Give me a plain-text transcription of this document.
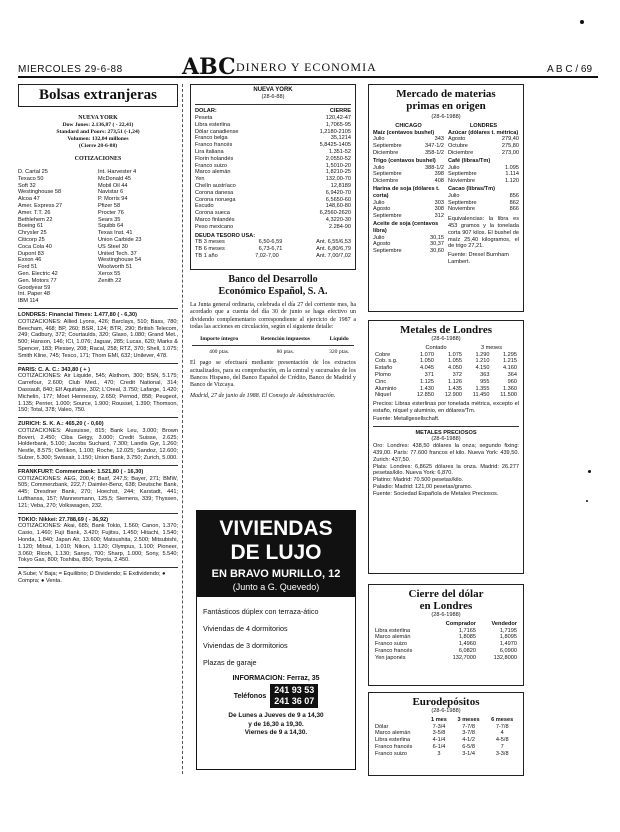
MIERCOLES 29-6-88	ABC DINERO Y ECONOMIA	A B C / 69
Bolsas extranjeras
NUEVA YORK
Dow Jones: 2.136,87 ( - 22,41)
Standard and Poors: 273,51 (-1,24)
Volumen: 132,04 millones
(Cierre 28-6-88)
COTIZACIONES
D. Cartal 25
Texaco 50
Soft 32
Westinghouse 58
Alcoa 47
Amer. Express 27
Amer. T.T. 26
Bethlehem 22
Boeing 61
Chrysler 25
Citicorp 25
Coca Cola 40
Dupont 83
Exxon 46
Ford 51
Gen. Electric 42
Gen. Motors 77
Goodyear 59
Int. Paper 48
IBM 114
Int. Harvester 4
McDonald 45
Mobil Oil 44
Navistar 6
P. Morris 94
Pfizer 58
Procter 76
Sears 35
Squibb 64
Texas Inst. 41
Union Carbide 23
US Steel 30
United Tech. 37
Westinghouse 54
Woolworth 51
Xerox 55
Zenith 22
LONDRES: Financial Times: 1.477,80 ( - 6,30)
COTIZACIONES: Allied Lyons, 426; Barclays, 510; Bass, 780; Beecham, 468; BP, 260; BSR, 124; BTR, 290; British Telecom, 249; Cadbury, 372; Courtaulds, 320; Glaxo, 1.080; Grand Met., 500; Hanson, 146; ICI, 1.076; Jaguar, 285; Lucas, 620; Marks & Spencer, 183; Plessey, 208; Racal, 258; RTZ, 370; Shell, 1.075; Smith Kline, 745; Tesco, 171; Thorn EMI, 632; Unilever, 478.
PARIS: C. A. C.: 343,80 ( + )
COTIZACIONES: Air Liquide, 545; Alsthom, 300; BSN, 5.175; Carrefour, 2.600; Club Med., 470; Credit National, 314; Dassault, 840; Elf Aquitaine, 302; L'Oreal, 3.750; Lafarge, 1.420; Michelin, 177; Moet Hennessy, 2.650; Pernod, 858; Peugeot, 1.135; Perrier, 1.000; Source, 1.900; Roussel, 1.390; Thomson, 150; Total, 378; Valeo, 750.
ZURICH: S. K. A.: 465,20 ( - 0,60)
COTIZACIONES: Alusuisse, 815; Bank Leu, 3.000; Brown Boveri, 2.450; Ciba Geigy, 3.000; Credit Suisse, 2.625; Holderbank, 5.100; Jacobs Suchard, 7.300; Landis Gyr, 1.260; Nestle, 8.575; Oerlikon, 1.100; Roche, 12.025; Sandoz, 12.600; Sulzer, 5.300; Swissair, 1.150; Union Bank, 3.750; Zurich, 5.000.
FRANKFURT: Commerzbank: 1.521,80 ( - 16,30)
COTIZACIONES: AEG, 200,4; Basf, 247,5; Bayer, 271; BMW, 505; Commerzbank, 222,7; Daimler-Benz, 638; Deutsche Bank, 445; Dresdner Bank, 270; Hoechst, 244; Karstadt, 441; Lufthansa, 157; Mannesmann, 125,5; Siemens, 339; Thyssen, 121; Veba, 270; Volkswagen, 232.
TOKIO: Nikkei: 27.788,69 ( - 36,92)
COTIZACIONES: Akai, 685; Bank Tokio, 1.560; Canon, 1.370; Casio, 1.460; Fuji Bank, 3.420; Fujitsu, 1.450; Hitachi, 1.540; Honda, 1.840; Japan Air, 13.600; Matsushita, 2.500; Mitsubishi, 1.120; Mitsui, 1.010; Nikon, 1.120; Olympus, 1.100; Pioneer, 3.060; Ricoh, 1.130; Sanyo, 700; Sharp, 1.000; Sony, 5.540; Tokyo Gas, 800; Toshiba, 850; Toyota, 2.450.
A Sube; V Baja; = Equilibrio; D Dividendo; E Exdividendo; ● Compra; ● Venta.
NUEVA YORK
(28-6-88)
DOLAR:	CIERRE
Peseta	120,42-47
Libra esterlina	1,7065-95
Dólar canadiense	1,2180-2105
Franco belga	35,1214
Franco francés	5,8425-1405
Lira italiana	1.351-52
Florin holandés	2,0550-52
Franco suizo	1,5010-20
Marco alemán	1,8210-25
Yen	132,00-70
Chelín austríaco	12,8189
Corona danesa	6,9420-70
Corona noruega	6,5650-60
Escudo	148,60-80
Corona sueca	6,2560-2620
Marco finlandés	4,3220-30
Peso mexicano	2.284-90
DEUDA TESORO USA:
TB 3 meses	6,50-6,59	Ant. 6,55/6,53
TB 6 meses	6,73-6,71	Ant. 6,80/6,79
TB 1 año	7,02-7,00	Ant. 7,00/7,02
Banco del Desarrollo
Económico Español, S. A.
La Junta general ordinaria, celebrada el día 27 del corriente mes, ha acordado que a cuenta del día 30 de junio se haga efectivo un dividendo complementario correspondiente al ejercicio de 1987 a todas las acciones en circulación, según el siguiente detalle:
Importe íntegro	Retención impuestos	Líquido

400 ptas.	80 ptas.	320 ptas.
El pago se efectuará mediante presentación de los extractos actualizados, para su comprobación, en la central y sucursales de los Bancos Hispano, del Banco Español de Crédito, Banco de Madrid y Banco de Vizcaya.
Madrid, 27 de junio de 1988. El Consejo de Administración.
VIVIENDAS
DE LUJO
EN BRAVO MURILLO, 12
(Junto a G. Quevedo)
Fantásticos dúplex con terraza-ático
Viviendas de 4 dormitorios
Viviendas de 3 dormitorios
Plazas de garaje
INFORMACION: Ferraz, 35
Teléfonos
241 93 53
241 36 07
De Lunes a Jueves de 9 a 14,30
y de 16,30 a 19,30.
Viernes de 9 a 14,30.
Mercado de materias
primas en origen
(28-6-1988)
CHICAGO
Maíz (centavos bushel)
Julio	343
Septiembre	347-1/2
Diciembre	358-1/2
Trigo (centavos bushel)
Julio	388-1/2
Septiembre	398
Diciembre	408
Harina de soja (dólares t. corta)
Julio	303
Agosto	308
Septiembre	312
Aceite de soja (centavos libra)
Julio	30,15
Agosto	30,37
Septiembre	30,60
LONDRES
Azúcar (dólares t. métrica)
Agosto	279,40
Octubre	275,80
Diciembre	273,00
Café (libras/Tm)
Julio	1.095
Septiembre	1.114
Noviembre	1.120
Cacao (libras/Tm)
Julio	856
Septiembre	862
Noviembre	866
Equivalencias: la libra es 453 gramos y la tonelada corta 907 kilos. El bushel de maíz 25,40 kilogramos, el de trigo 27,21.
Fuente: Drexel Burnham Lambert.
Metales de Londres
(28-6-1988)
	Contado		3 meses	
Cobre	1.070	1.075	1.290	1.295
Cob. s.g.	1.050	1.055	1.210	1.215
Estaño	4.045	4.050	4.150	4.160
Plomo	371	372	363	364
Cinc	1.125	1.126	955	960
Aluminio	1.430	1.435	1.355	1.360
Niquel	12.850	12.900	11.450	11.500
Precios: Libras esterlinas por tonelada métrica, excepto el estaño, níquel y aluminio, en dólares/Tm.
Fuente: Metallgesellschaft.
METALES PRECIOSOS
(28-6-1988)
Oro: Londres: 438,50 dólares la onza; segundo fixing: 439,00. París: 77.600 francos el kilo. Nueva York: 439,50. Zurich: 437,50.
Plata: Londres: 6,8625 dólares la onza. Madrid: 26.277 pesetas/kilo. Nueva York: 6,870.
Platino: Madrid: 70.500 pesetas/kilo.
Paladio: Madrid: 121,00 pesetas/gramo.
Fuente: Sociedad Española de Metales Preciosos.
Cierre del dólar
en Londres
(28-6-1988)
	Comprador	Vendedor
Libra esterlina	1,7165	1,7195
Marco alemán	1,8085	1,8095
Franco suizo	1,4960	1,4970
Franco francés	6,0820	6,0900
Yen japonés	132,7000	132,8000
Eurodepósitos
(28-6-1988)
	1 mes	3 meses	6 meses
Dólar	7-3/4	7-7/8	7-7/8
Marco alemán	3-5/8	3-7/8	4
Libra esterlina	4-1/4	4-1/2	4-5/8
Franco francés	6-1/4	6-5/8	7
Franco suizo	3	3-1/4	3-3/8
